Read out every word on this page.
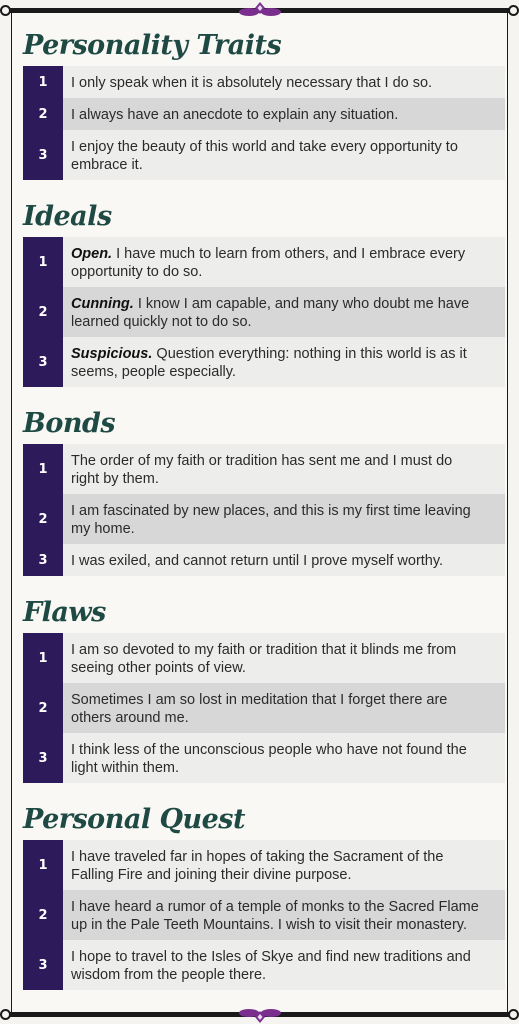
Personality Traits
1	I only speak when it is absolutely necessary that I do so.
2	I always have an anecdote to explain any situation.
3	I enjoy the beauty of this world and take every opportunity to embrace it.
Ideals
1	Open. I have much to learn from others, and I embrace every opportunity to do so.
2	Cunning. I know I am capable, and many who doubt me have learned quickly not to do so.
3	Suspicious. Question everything: nothing in this world is as it seems, people especially.
Bonds
1	The order of my faith or tradition has sent me and I must do right by them.
2	I am fascinated by new places, and this is my first time leaving my home.
3	I was exiled, and cannot return until I prove myself worthy.
Flaws
1	I am so devoted to my faith or tradition that it blinds me from seeing other points of view.
2	Sometimes I am so lost in meditation that I forget there are others around me.
3	I think less of the unconscious people who have not found the light within them.
Personal Quest
1	I have traveled far in hopes of taking the Sacrament of the Falling Fire and joining their divine purpose.
2	I have heard a rumor of a temple of monks to the Sacred Flame up in the Pale Teeth Mountains. I wish to visit their monastery.
3	I hope to travel to the Isles of Skye and find new traditions and wisdom from the people there.
